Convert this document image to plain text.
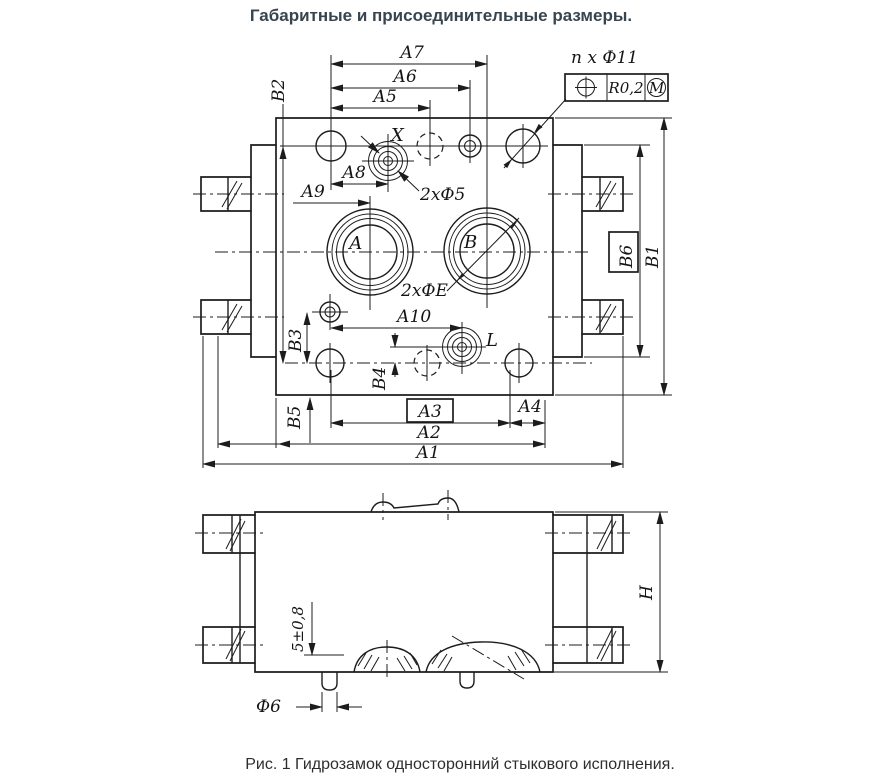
Габаритные и присоединительные размеры.
А7
А6
А5
А8
А9
А10
А3	А4
А2
А1
В2
В3
В4
В5
В6 В1
n х Ф11
R0,2 М
2хФ5
2хФЕ
X
А	В
L
Н
5±0,8
Ф6
Рис. 1 Гидрозамок односторонний стыкового исполнения.
